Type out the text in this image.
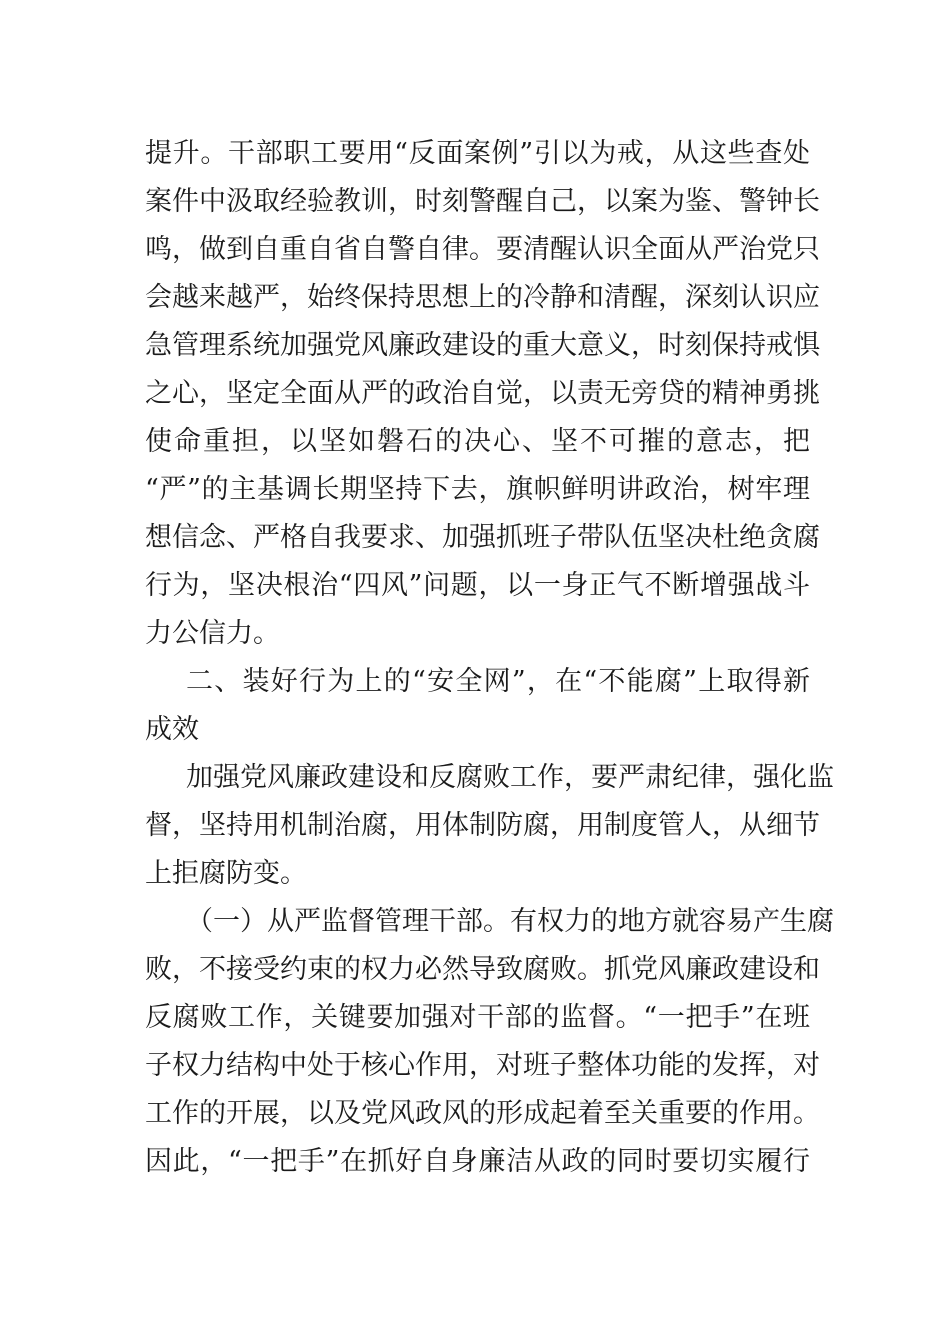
提升。干部职工要用“反面案例”引以为戒，从这些查处
案件中汲取经验教训，时刻警醒自己，以案为鉴、警钟长
鸣，做到自重自省自警自律。要清醒认识全面从严治党只
会越来越严，始终保持思想上的冷静和清醒，深刻认识应
急管理系统加强党风廉政建设的重大意义，时刻保持戒惧
之心，坚定全面从严的政治自觉，以责无旁贷的精神勇挑
使命重担，以坚如磐石的决心、坚不可摧的意志，把
“严”的主基调长期坚持下去，旗帜鲜明讲政治，树牢理
想信念、严格自我要求、加强抓班子带队伍坚决杜绝贪腐
行为，坚决根治“四风”问题，以一身正气不断增强战斗
力公信力。
二、装好行为上的“安全网”，在“不能腐”上取得新
成效
加强党风廉政建设和反腐败工作，要严肃纪律，强化监
督，坚持用机制治腐，用体制防腐，用制度管人，从细节
上拒腐防变。
（一）从严监督管理干部。有权力的地方就容易产生腐
败，不接受约束的权力必然导致腐败。抓党风廉政建设和
反腐败工作，关键要加强对干部的监督。“一把手”在班
子权力结构中处于核心作用，对班子整体功能的发挥，对
工作的开展，以及党风政风的形成起着至关重要的作用。
因此，“一把手”在抓好自身廉洁从政的同时要切实履行
